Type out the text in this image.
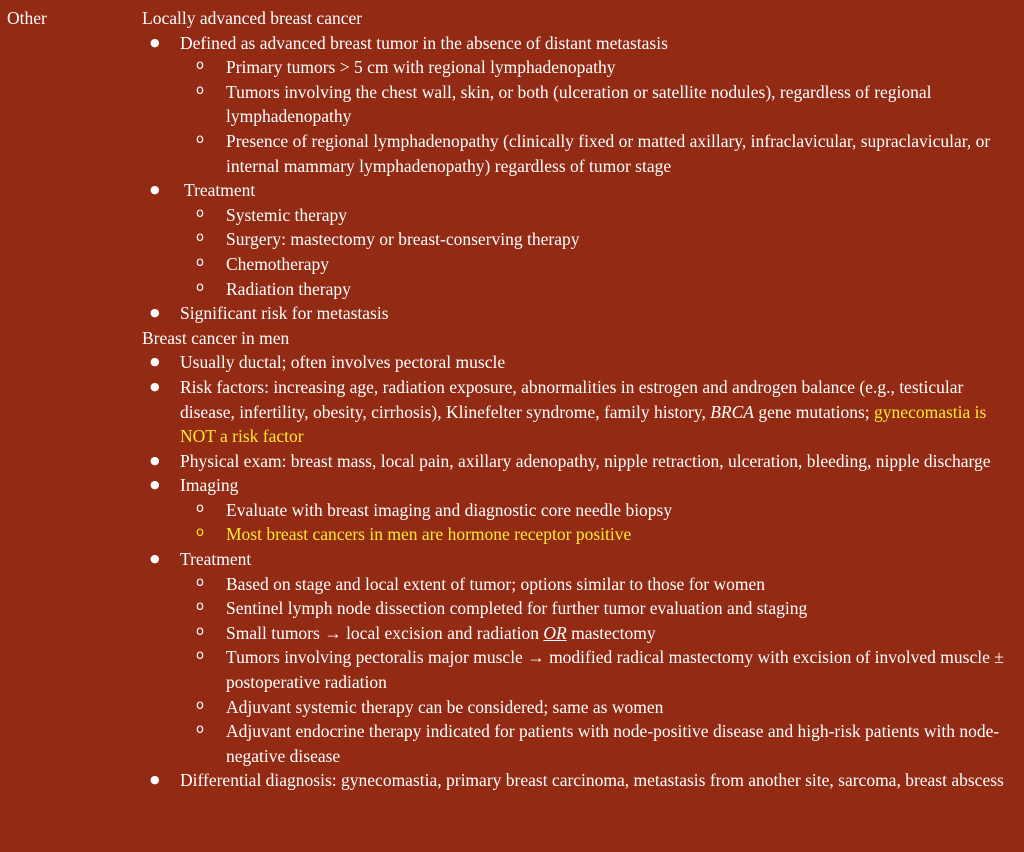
Other	Locally advanced breast cancer
● Defined as advanced breast tumor in the absence of distant metastasis
o Primary tumors > 5 cm with regional lymphadenopathy
o Tumors involving the chest wall, skin, or both (ulceration or satellite nodules), regardless of regional lymphadenopathy
o Presence of regional lymphadenopathy (clinically fixed or matted axillary, infraclavicular, supraclavicular, or internal mammary lymphadenopathy) regardless of tumor stage
● Treatment
o Systemic therapy
o Surgery: mastectomy or breast-conserving therapy
o Chemotherapy
o Radiation therapy
● Significant risk for metastasis
Breast cancer in men
● Usually ductal; often involves pectoral muscle
● Risk factors: increasing age, radiation exposure, abnormalities in estrogen and androgen balance (e.g., testicular disease, infertility, obesity, cirrhosis), Klinefelter syndrome, family history, BRCA gene mutations; gynecomastia is NOT a risk factor
● Physical exam: breast mass, local pain, axillary adenopathy, nipple retraction, ulceration, bleeding, nipple discharge
● Imaging
o Evaluate with breast imaging and diagnostic core needle biopsy
o Most breast cancers in men are hormone receptor positive
● Treatment
o Based on stage and local extent of tumor; options similar to those for women
o Sentinel lymph node dissection completed for further tumor evaluation and staging
o Small tumors → local excision and radiation OR mastectomy
o Tumors involving pectoralis major muscle → modified radical mastectomy with excision of involved muscle ± postoperative radiation
o Adjuvant systemic therapy can be considered; same as women
o Adjuvant endocrine therapy indicated for patients with node-positive disease and high-risk patients with node-negative disease
● Differential diagnosis: gynecomastia, primary breast carcinoma, metastasis from another site, sarcoma, breast abscess
